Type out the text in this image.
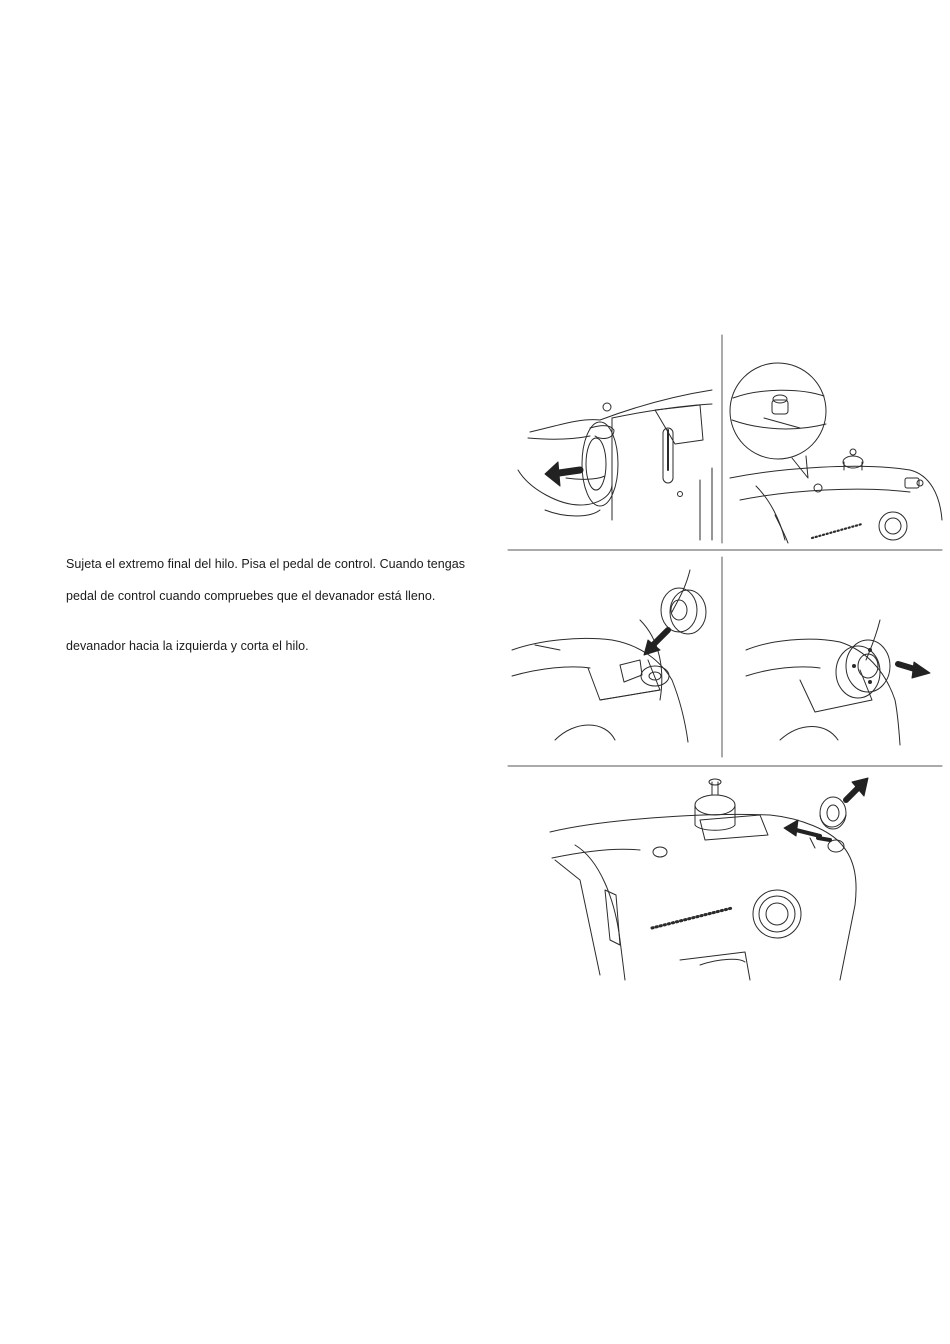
Sujeta el extremo final del hilo. Pisa el pedal de control. Cuando tengas
pedal de control cuando compruebes que el devanador está lleno.
devanador hacia la izquierda y corta el hilo.
